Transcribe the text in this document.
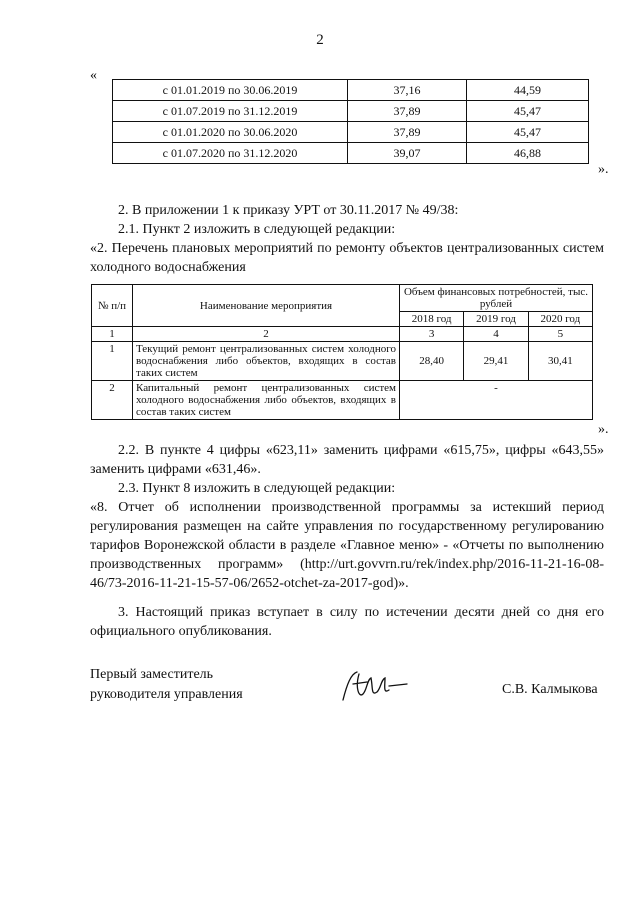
2
«
с 01.01.2019 по 30.06.2019	37,16	44,59
с 01.07.2019 по 31.12.2019	37,89	45,47
с 01.01.2020 по 30.06.2020	37,89	45,47
с 01.07.2020 по 31.12.2020	39,07	46,88
».
2. В приложении 1 к приказу УРТ от 30.11.2017 № 49/38:
2.1. Пункт 2 изложить в следующей редакции:
«2. Перечень плановых мероприятий по ремонту объектов централизованных систем холодного водоснабжения
№ п/п	Наименование мероприятия	Объем финансовых потребностей, тыс. рублей		
		2018 год	2019 год	2020 год
1	2	3	4	5
1	Текущий ремонт централизованных систем холодного водоснабжения либо объектов, входящих в состав таких систем	28,40	29,41	30,41
2	Капитальный ремонт централизованных систем холодного водоснабжения либо объектов, входящих в состав таких систем	-		
».
2.2. В пункте 4 цифры «623,11» заменить цифрами «615,75», цифры «643,55» заменить цифрами «631,46».
2.3. Пункт 8 изложить в следующей редакции:
«8. Отчет об исполнении производственной программы за истекший период регулирования размещен на сайте управления по государственному регулированию тарифов Воронежской области в разделе «Главное меню» - «Отчеты по выполнению производственных программ» (http://urt.govvrn.ru/rek/index.php/2016-11-21-16-08-46/73-2016-11-21-15-57-06/2652-otchet-za-2017-god)».
3. Настоящий приказ вступает в силу по истечении десяти дней со дня его официального опубликования.
Первый заместитель
руководителя управления	С.В. Калмыкова
